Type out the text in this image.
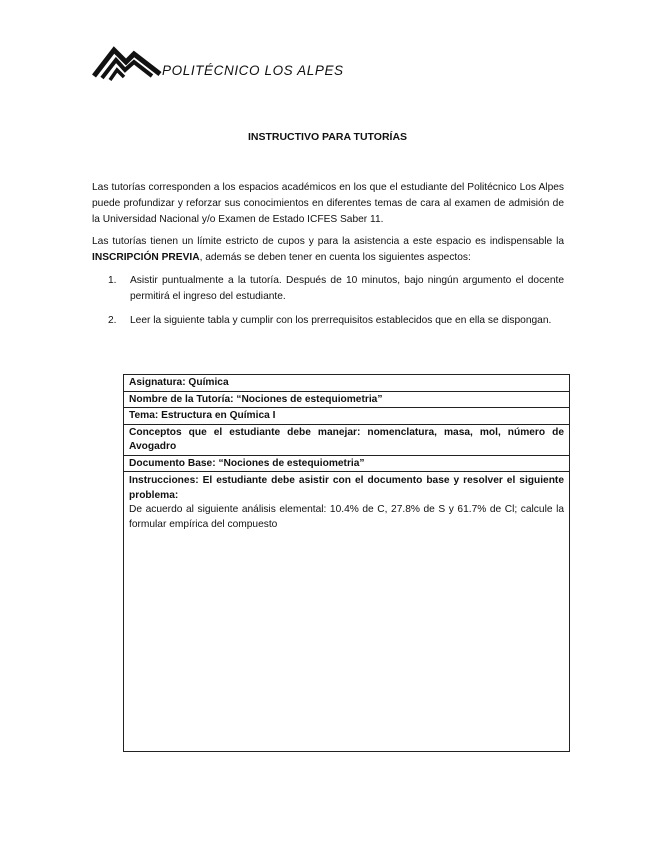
POLITÉCNICO LOS ALPES
INSTRUCTIVO PARA TUTORÍAS
Las tutorías corresponden a los espacios académicos en los que el estudiante del Politécnico Los Alpes puede profundizar y reforzar sus conocimientos en diferentes temas de cara al examen de admisión de la Universidad Nacional y/o Examen de Estado ICFES Saber 11.
Las tutorías tienen un límite estricto de cupos y para la asistencia a este espacio es indispensable la INSCRIPCIÓN PREVIA, además se deben tener en cuenta los siguientes aspectos:
1. Asistir puntualmente a la tutoría. Después de 10 minutos, bajo ningún argumento el docente permitirá el ingreso del estudiante.
2. Leer la siguiente tabla y cumplir con los prerrequisitos establecidos que en ella se dispongan.
Asignatura: Química
Nombre de la Tutoría: “Nociones de estequiometria”
Tema: Estructura en Química I
Conceptos que el estudiante debe manejar: nomenclatura, masa, mol, número de Avogadro
Documento Base: “Nociones de estequiometria”
Instrucciones: El estudiante debe asistir con el documento base y resolver el siguiente problema:
De acuerdo al siguiente análisis elemental: 10.4% de C, 27.8% de S y 61.7% de Cl; calcule la formular empírica del compuesto
